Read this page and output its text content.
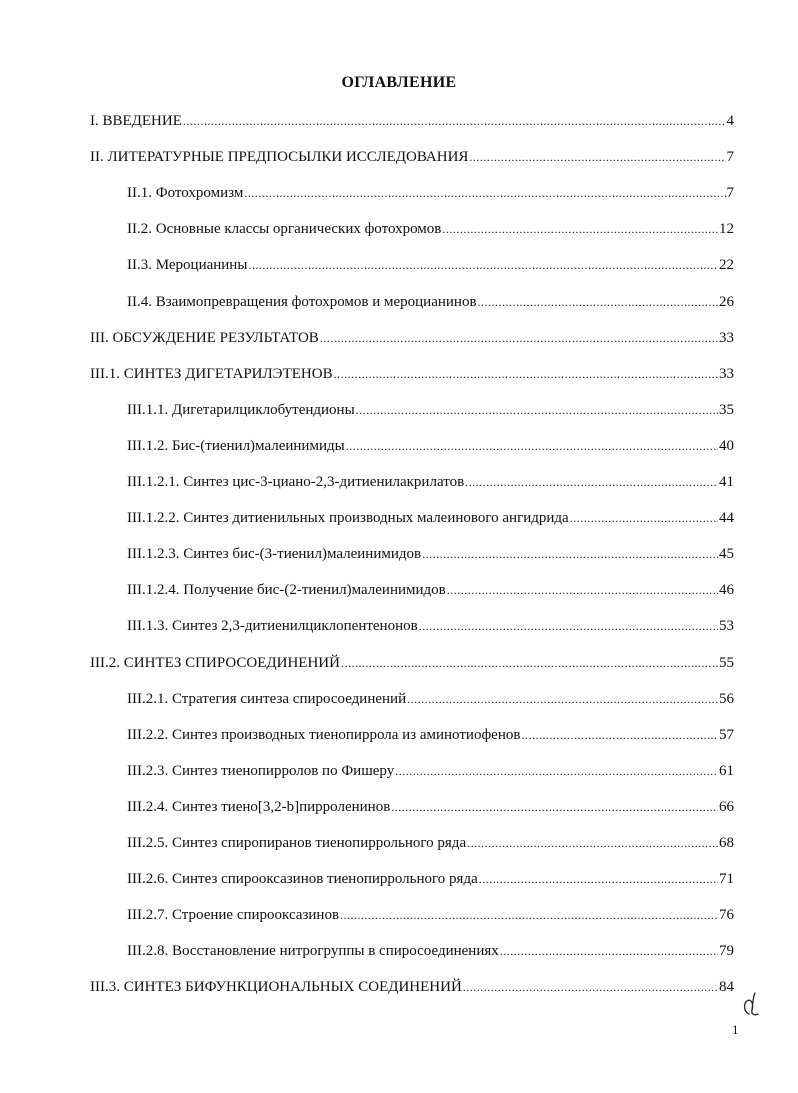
ОГЛАВЛЕНИЕ
I. ВВЕДЕНИЕ .....	4
II. ЛИТЕРАТУРНЫЕ ПРЕДПОСЫЛКИ ИССЛЕДОВАНИЯ .....	7
II.1. Фотохромизм .....	7
II.2. Основные классы органических фотохромов .....	12
II.3. Мероцианины .....	22
II.4. Взаимопревращения фотохромов и мероцианинов .....	26
III. ОБСУЖДЕНИЕ РЕЗУЛЬТАТОВ .....	33
III.1. СИНТЕЗ ДИГЕТАРИЛЭТЕНОВ .....	33
III.1.1. Дигетарилциклобутендионы .....	35
III.1.2. Бис-(тиенил)малеинимиды .....	40
III.1.2.1. Синтез цис-3-циано-2,3-дитиенилакрилатов .....	41
III.1.2.2. Синтез дитиенильных производных малеинового ангидрида .....	44
III.1.2.3. Синтез бис-(3-тиенил)малеинимидов .....	45
III.1.2.4. Получение бис-(2-тиенил)малеинимидов .....	46
III.1.3. Синтез 2,3-дитиенилциклопентенонов .....	53
III.2. СИНТЕЗ СПИРОСОЕДИНЕНИЙ .....	55
III.2.1. Стратегия синтеза спиросоединений .....	56
III.2.2. Синтез производных тиенопиррола из аминотиофенов .....	57
III.2.3. Синтез тиенопирролов по Фишеру .....	61
III.2.4. Синтез тиено[3,2-b]пирроленинов .....	66
III.2.5. Синтез спиропиранов тиенопиррольного ряда .....	68
III.2.6. Синтез спирооксазинов тиенопиррольного ряда .....	71
III.2.7. Строение спирооксазинов .....	76
III.2.8. Восстановление нитрогруппы в спиросоединениях .....	79
III.3. СИНТЕЗ БИФУНКЦИОНАЛЬНЫХ СОЕДИНЕНИЙ .....	84
1
